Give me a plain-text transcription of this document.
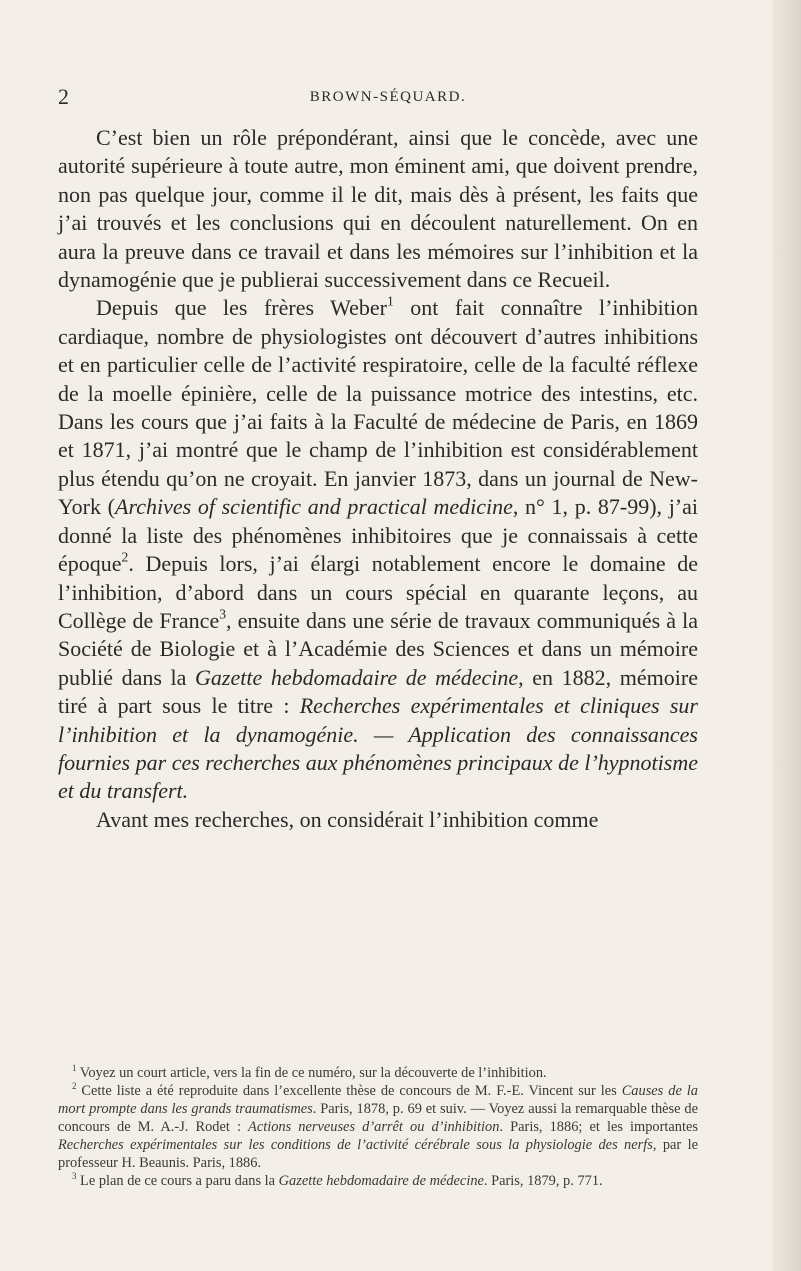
2	BROWN-SÉQUARD.

C’est bien un rôle prépondérant, ainsi que le concède, avec une autorité supérieure à toute autre, mon éminent ami, que doivent prendre, non pas quelque jour, comme il le dit, mais dès à présent, les faits que j’ai trouvés et les conclusions qui en découlent naturellement. On en aura la preuve dans ce travail et dans les mémoires sur l’inhibition et la dynamogénie que je publierai successivement dans ce Recueil.

Depuis que les frères Weber$^1$ ont fait connaître l’inhibition cardiaque, nombre de physiologistes ont découvert d’autres inhibitions et en particulier celle de l’activité respiratoire, celle de la faculté réflexe de la moelle épinière, celle de la puissance motrice des intestins, etc. Dans les cours que j’ai faits à la Faculté de médecine de Paris, en 1869 et 1871, j’ai montré que le champ de l’inhibition est considérablement plus étendu qu’on ne croyait. En janvier 1873, dans un journal de New-York (Archives of scientific and practical medicine, n° 1, p. 87-99), j’ai donné la liste des phénomènes inhibitoires que je connaissais à cette époque$^2$. Depuis lors, j’ai élargi notablement encore le domaine de l’inhibition, d’abord dans un cours spécial en quarante leçons, au Collège de France$^3$, ensuite dans une série de travaux communiqués à la Société de Biologie et à l’Académie des Sciences et dans un mémoire publié dans la Gazette hebdomadaire de médecine, en 1882, mémoire tiré à part sous le titre : Recherches expérimentales et cliniques sur l’inhibition et la dynamogénie. — Application des connaissances fournies par ces recherches aux phénomènes principaux de l’hypnotisme et du transfert.

Avant mes recherches, on considérait l’inhibition comme

$^1$ Voyez un court article, vers la fin de ce numéro, sur la découverte de l’inhibition.

$^2$ Cette liste a été reproduite dans l’excellente thèse de concours de M. F.-E. Vincent sur les Causes de la mort prompte dans les grands traumatismes. Paris, 1878, p. 69 et suiv. — Voyez aussi la remarquable thèse de concours de M. A.-J. Rodet : Actions nerveuses d’arrêt ou d’inhibition. Paris, 1886; et les importantes Recherches expérimentales sur les conditions de l’activité cérébrale sous la physiologie des nerfs, par le professeur H. Beaunis. Paris, 1886.

$^3$ Le plan de ce cours a paru dans la Gazette hebdomadaire de médecine. Paris, 1879, p. 771.
